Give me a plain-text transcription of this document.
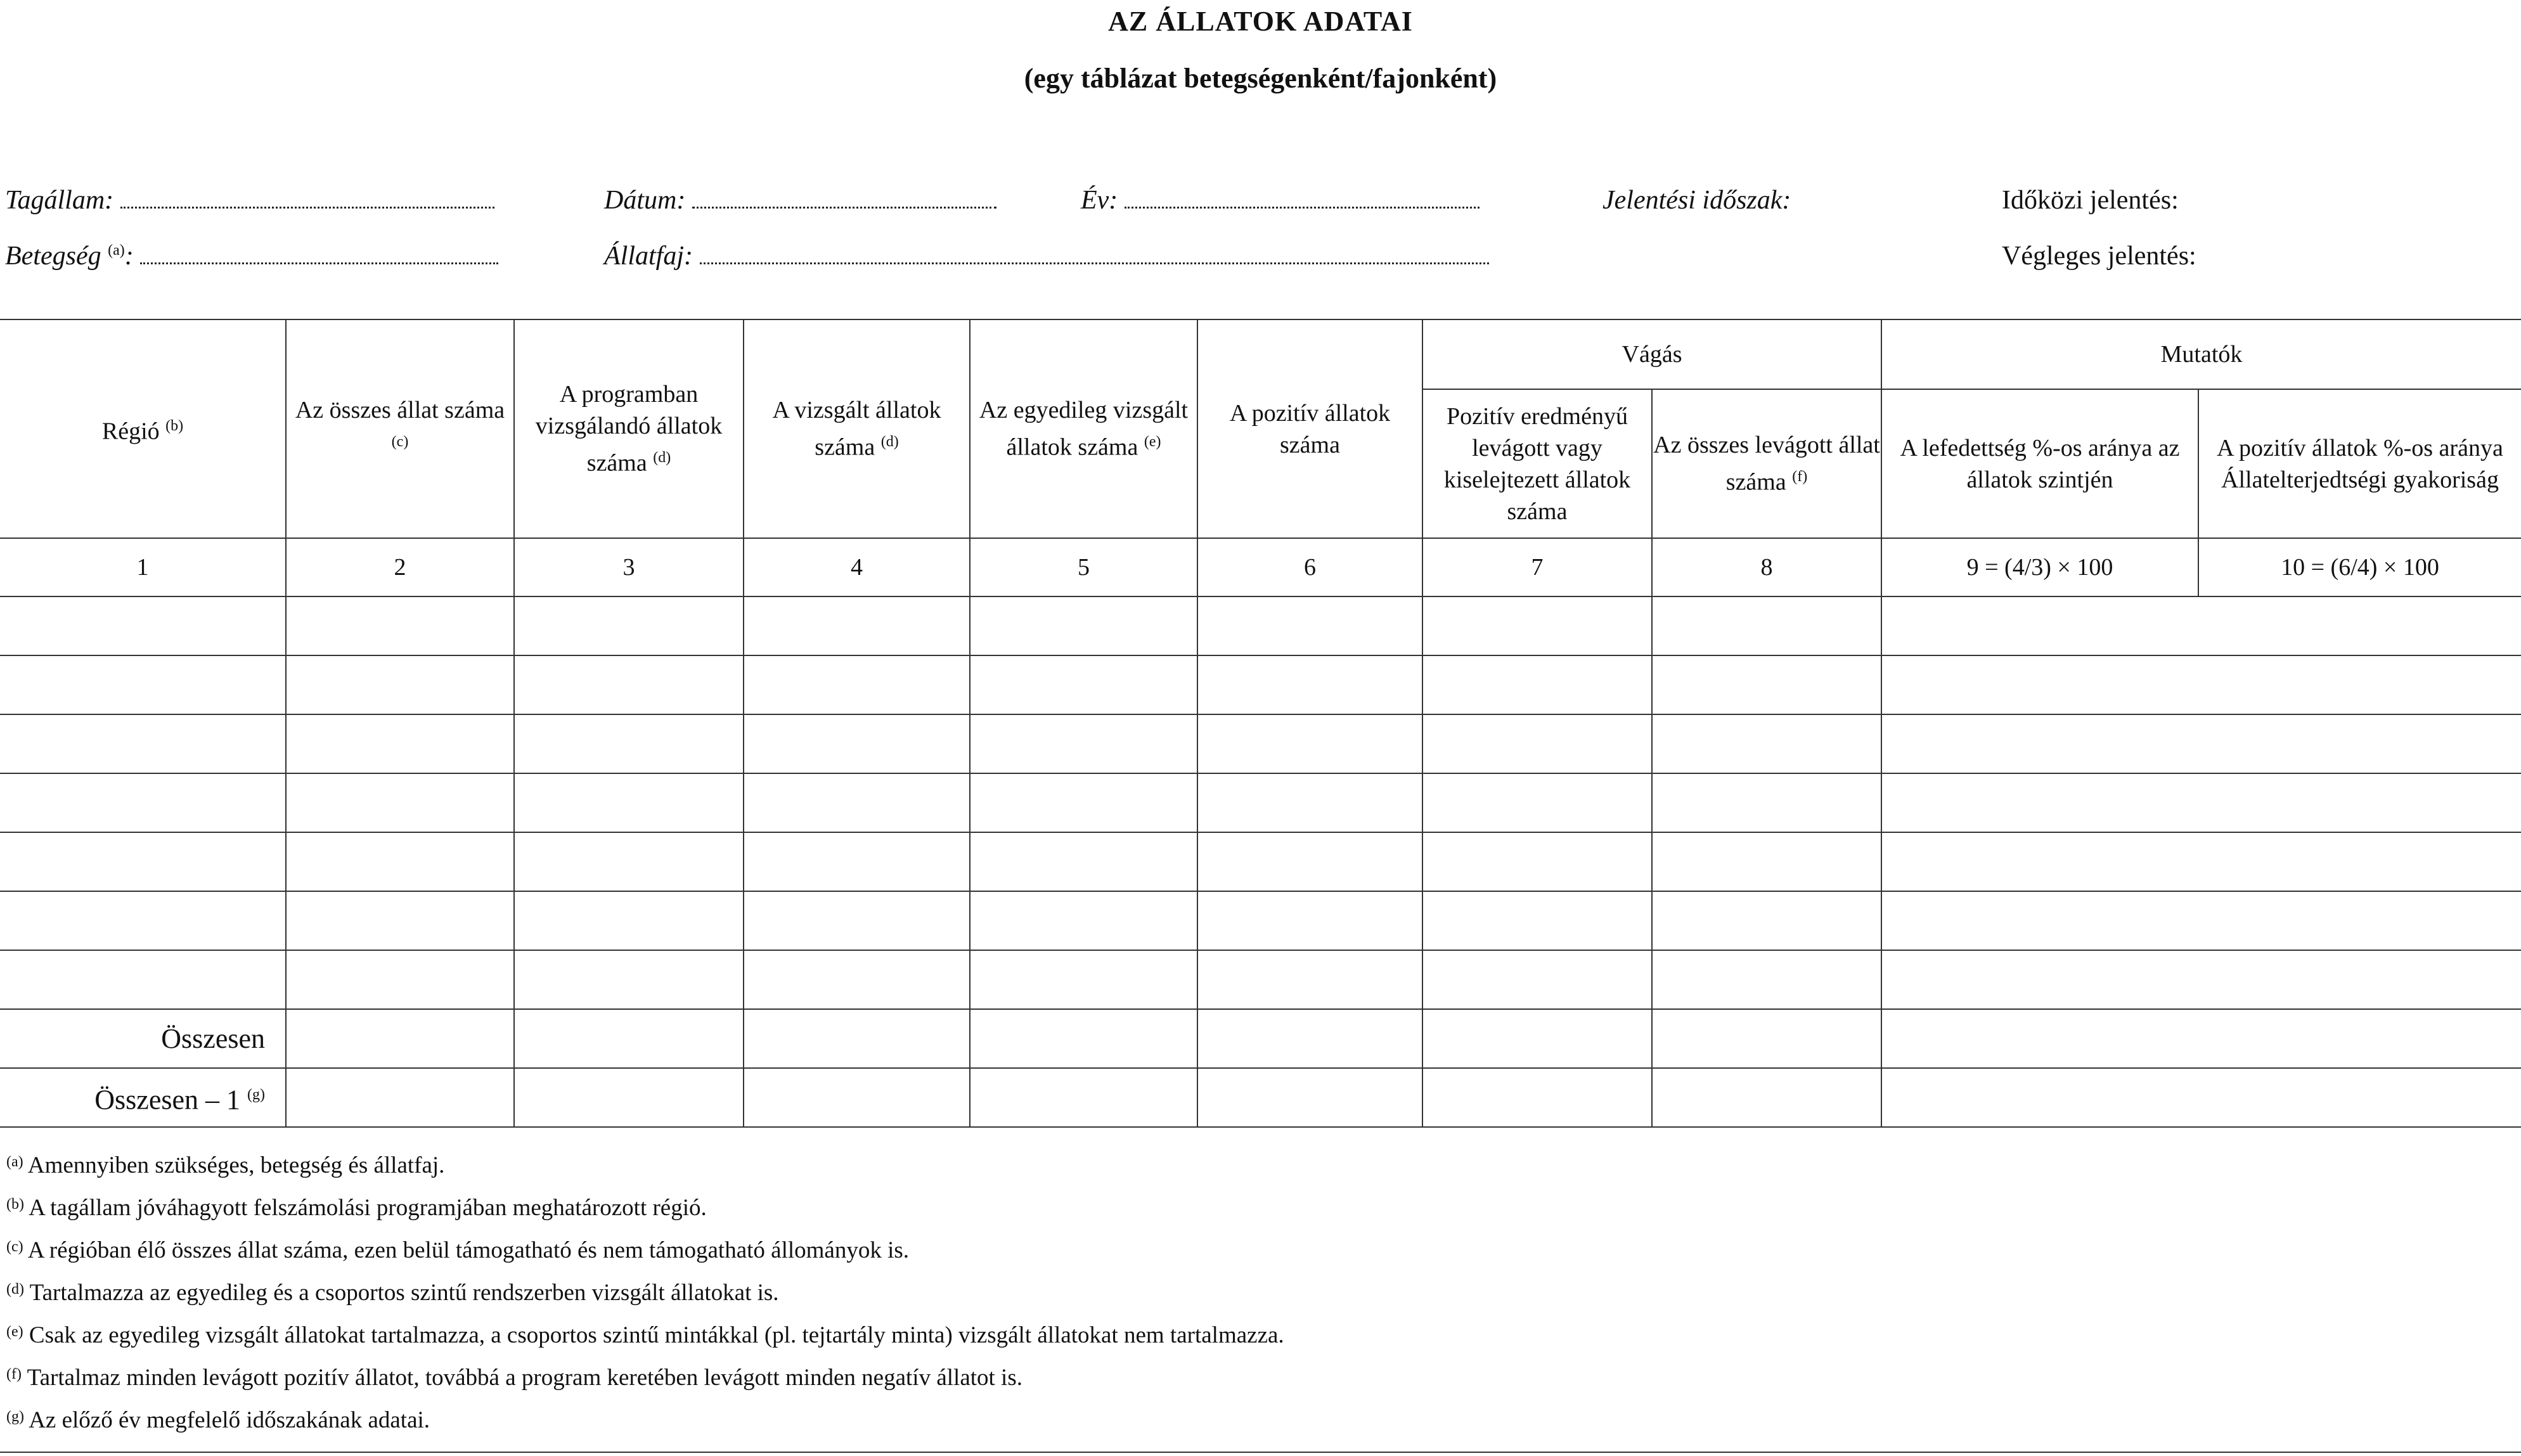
AZ ÁLLATOK ADATAI
(egy táblázat betegségenként/fajonként)
Tagállam:	Dátum:	Év:	Jelentési időszak:	Időközi jelentés:
Betegség $^{(a)}$:	Állatfaj:	Végleges jelentés:
Régió $^{(b)}$	Az összes állat száma $^{(c)}$	A programban vizsgálandó állatok száma $^{(d)}$	A vizsgált állatok száma $^{(d)}$	Az egyedileg vizsgált állatok száma $^{(e)}$	A pozitív állatok száma	Vágás		Mutatók	
						Pozitív eredményű levágott vagy kiselejtezett állatok száma	Az összes levágott állat száma $^{(f)}$	A lefedettség %-os aránya az állatok szintjén	A pozitív állatok %-os aránya Állatelterjedtségi gyakoriság
1	2	3	4	5	6	7	8	9 = (4/3) × 100	10 = (6/4) × 100

Összesen									
Összesen – 1 $^{(g)}$								
$^{(a)}$ Amennyiben szükséges, betegség és állatfaj.
$^{(b)}$ A tagállam jóváhagyott felszámolási programjában meghatározott régió.
$^{(c)}$ A régióban élő összes állat száma, ezen belül támogatható és nem támogatható állományok is.
$^{(d)}$ Tartalmazza az egyedileg és a csoportos szintű rendszerben vizsgált állatokat is.
$^{(e)}$ Csak az egyedileg vizsgált állatokat tartalmazza, a csoportos szintű mintákkal (pl. tejtartály minta) vizsgált állatokat nem tartalmazza.
$^{(f)}$ Tartalmaz minden levágott pozitív állatot, továbbá a program keretében levágott minden negatív állatot is.
$^{(g)}$ Az előző év megfelelő időszakának adatai.
